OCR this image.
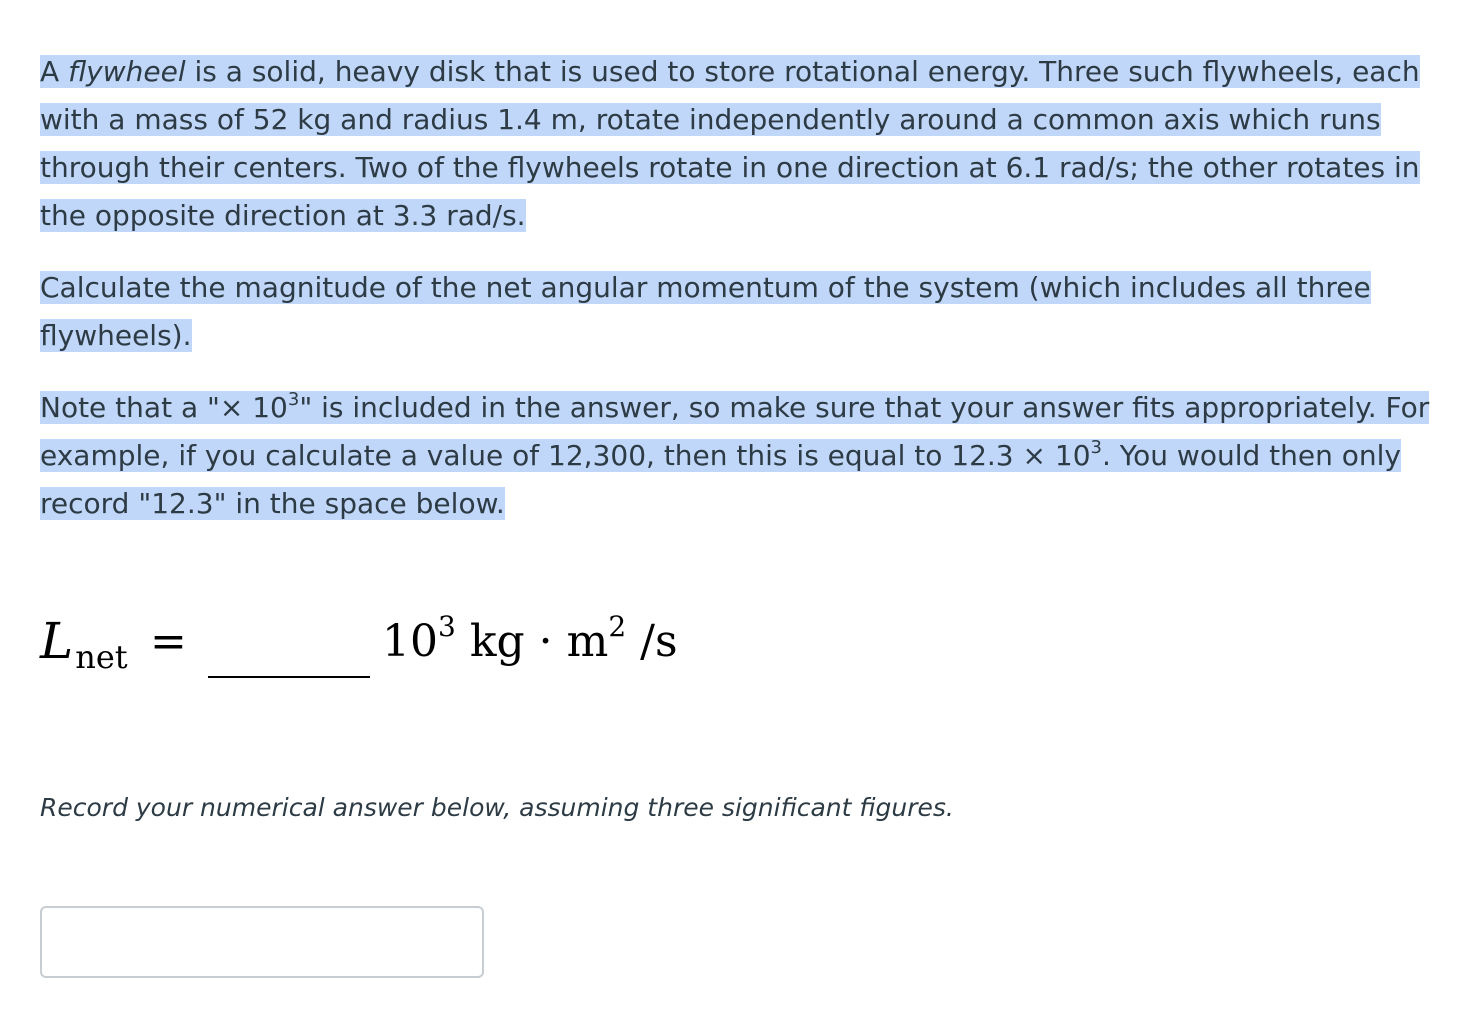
A flywheel is a solid, heavy disk that is used to store rotational energy. Three such flywheels, each with a mass of 52 kg and radius 1.4 m, rotate independently around a common axis which runs through their centers. Two of the flywheels rotate in one direction at 6.1 rad/s; the other rotates in the opposite direction at 3.3 rad/s.

Calculate the magnitude of the net angular momentum of the system (which includes all three flywheels).

Note that a "× $10^3$" is included in the answer, so make sure that your answer fits appropriately. For example, if you calculate a value of 12,300, then this is equal to $12.3 \times 10^3$. You would then only record "12.3" in the space below.

Lnet =	$10^3$ kg · $m^2$ /s
Record your numerical answer below, assuming three significant figures.
